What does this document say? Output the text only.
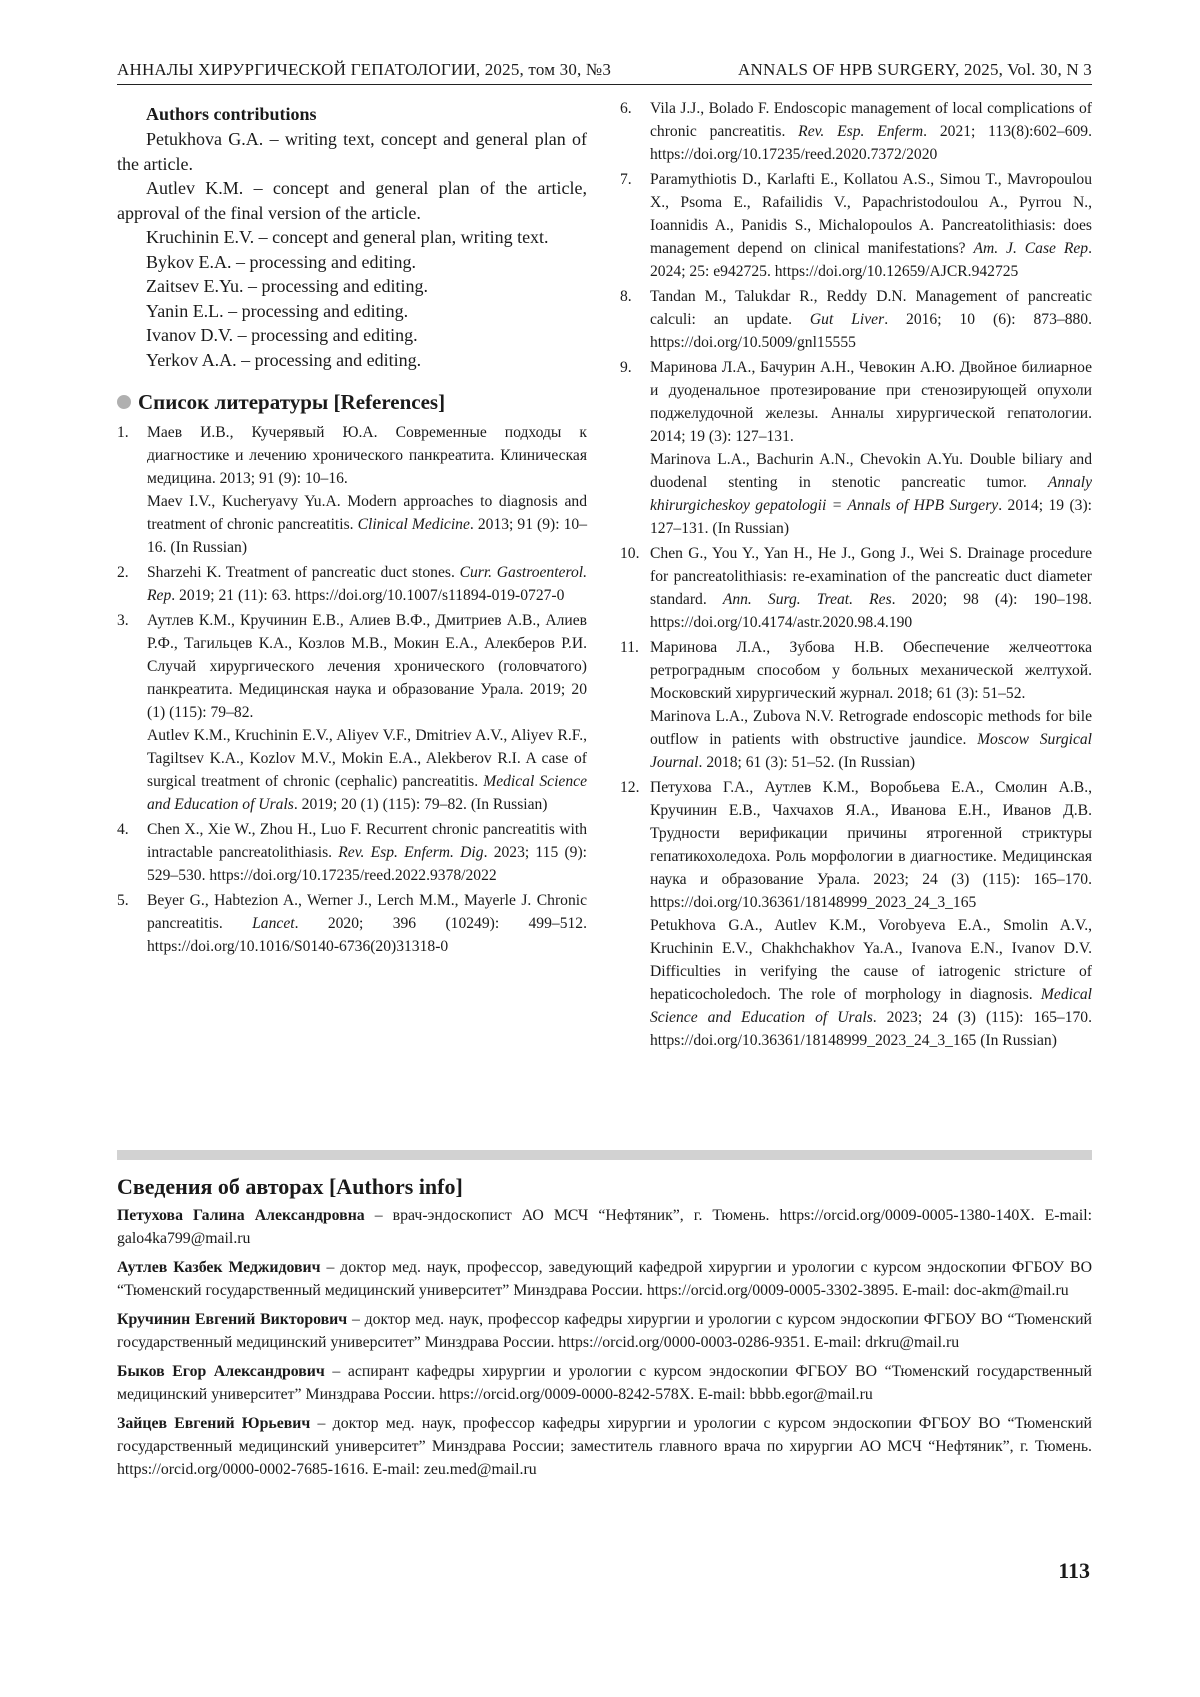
АННАЛЫ ХИРУРГИЧЕСКОЙ ГЕПАТОЛОГИИ, 2025, том 30, №3	ANNALS OF HPB SURGERY, 2025, Vol. 30, N 3
Authors contributions

Petukhova G.A. – writing text, concept and general plan of the article.

Autlev K.M. – concept and general plan of the article, approval of the final version of the article.

Kruchinin E.V. – concept and general plan, writing text.

Bykov E.A. – processing and editing.

Zaitsev E.Yu. – processing and editing.

Yanin E.L. – processing and editing.

Ivanov D.V. – processing and editing.

Yerkov A.A. – processing and editing.

Список литературы [References]
1. Маев И.В., Кучерявый Ю.А. Современные подходы к диагностике и лечению хронического панкреатита. Клиническая медицина. 2013; 91 (9): 10–16.

Maev I.V., Kucheryavy Yu.A. Modern approaches to diagnosis and treatment of chronic pancreatitis. Clinical Medicine. 2013; 91 (9): 10–16. (In Russian)

2. Sharzehi K. Treatment of pancreatic duct stones. Curr. Gastroenterol. Rep. 2019; 21 (11): 63. https://doi.org/10.1007/s11894-019-0727-0

3. Аутлев К.М., Кручинин Е.В., Алиев В.Ф., Дмитриев А.В., Алиев Р.Ф., Тагильцев К.А., Козлов М.В., Мокин Е.А., Алекберов Р.И. Случай хирургического лечения хронического (головчатого) панкреатита. Медицинская наука и образование Урала. 2019; 20 (1) (115): 79–82.

Autlev K.M., Kruchinin E.V., Aliyev V.F., Dmitriev A.V., Aliyev R.F., Tagiltsev K.A., Kozlov M.V., Mokin E.A., Alekberov R.I. A case of surgical treatment of chronic (cephalic) pancreatitis. Medical Science and Education of Urals. 2019; 20 (1) (115): 79–82. (In Russian)

4. Chen X., Xie W., Zhou H., Luo F. Recurrent chronic pancreatitis with intractable pancreatolithiasis. Rev. Esp. Enferm. Dig. 2023; 115 (9): 529–530. https://doi.org/10.17235/reed.2022.9378/2022

5. Beyer G., Habtezion A., Werner J., Lerch M.M., Mayerle J. Chronic pancreatitis. Lancet. 2020; 396 (10249): 499–512. https://doi.org/10.1016/S0140-6736(20)31318-0

6. Vila J.J., Bolado F. Endoscopic management of local complications of chronic pancreatitis. Rev. Esp. Enferm. 2021; 113(8):602–609. https://doi.org/10.17235/reed.2020.7372/2020

7. Paramythiotis D., Karlafti E., Kollatou A.S., Simou T., Mavropoulou X., Psoma E., Rafailidis V., Papachristodoulou A., Pyrrou N., Ioannidis A., Panidis S., Michalopoulos A. Pancreatolithiasis: does management depend on clinical manifestations? Am. J. Case Rep. 2024; 25: e942725. https://doi.org/10.12659/AJCR.942725

8. Tandan M., Talukdar R., Reddy D.N. Management of pancreatic calculi: an update. Gut Liver. 2016; 10 (6): 873–880. https://doi.org/10.5009/gnl15555

9. Маринова Л.А., Бачурин А.Н., Чевокин А.Ю. Двойное билиарное и дуоденальное протезирование при стенозирующей опухоли поджелудочной железы. Анналы хирургической гепатологии. 2014; 19 (3): 127–131.

Marinova L.A., Bachurin A.N., Chevokin A.Yu. Double biliary and duodenal stenting in stenotic pancreatic tumor. Annaly khirurgicheskoy gepatologii = Annals of HPB Surgery. 2014; 19 (3): 127–131. (In Russian)

10. Chen G., You Y., Yan H., He J., Gong J., Wei S. Drainage procedure for pancreatolithiasis: re-examination of the pancreatic duct diameter standard. Ann. Surg. Treat. Res. 2020; 98 (4): 190–198. https://doi.org/10.4174/astr.2020.98.4.190

11. Маринова Л.А., Зубова Н.В. Обеспечение желчеоттока ретроградным способом у больных механической желтухой. Московский хирургический журнал. 2018; 61 (3): 51–52.

Marinova L.A., Zubova N.V. Retrograde endoscopic methods for bile outflow in patients with obstructive jaundice. Moscow Surgical Journal. 2018; 61 (3): 51–52. (In Russian)

12. Петухова Г.А., Аутлев К.М., Воробьева Е.А., Смолин А.В., Кручинин Е.В., Чахчахов Я.А., Иванова Е.Н., Иванов Д.В. Трудности верификации причины ятрогенной стриктуры гепатикохоледоха. Роль морфологии в диагностике. Медицинская наука и образование Урала. 2023; 24 (3) (115): 165–170. https://doi.org/10.36361/18148999_2023_24_3_165

Petukhova G.A., Autlev K.M., Vorobyeva E.A., Smolin A.V., Kruchinin E.V., Chakhchakhov Ya.A., Ivanova E.N., Ivanov D.V. Difficulties in verifying the cause of iatrogenic stricture of hepaticocholedoch. The role of morphology in diagnosis. Medical Science and Education of Urals. 2023; 24 (3) (115): 165–170. https://doi.org/10.36361/18148999_2023_24_3_165 (In Russian)

Сведения об авторах [Authors info]

Петухова Галина Александровна – врач-эндоскопист АО МСЧ “Нефтяник”, г. Тюмень. https://orcid.org/0009-0005-1380-140X. E-mail: galo4ka799@mail.ru

Аутлев Казбек Меджидович – доктор мед. наук, профессор, заведующий кафедрой хирургии и урологии с курсом эндоскопии ФГБОУ ВО “Тюменский государственный медицинский университет” Минздрава России. https://orcid.org/0009-0005-3302-3895. E-mail: doc-akm@mail.ru

Кручинин Евгений Викторович – доктор мед. наук, профессор кафедры хирургии и урологии с курсом эндоскопии ФГБОУ ВО “Тюменский государственный медицинский университет” Минздрава России. https://orcid.org/0000-0003-0286-9351. E-mail: drkru@mail.ru

Быков Егор Александрович – аспирант кафедры хирургии и урологии с курсом эндоскопии ФГБОУ ВО “Тюменский государственный медицинский университет” Минздрава России. https://orcid.org/0009-0000-8242-578X. E-mail: bbbb.egor@mail.ru

Зайцев Евгений Юрьевич – доктор мед. наук, профессор кафедры хирургии и урологии с курсом эндоскопии ФГБОУ ВО “Тюменский государственный медицинский университет” Минздрава России; заместитель главного врача по хирургии АО МСЧ “Нефтяник”, г. Тюмень. https://orcid.org/0000-0002-7685-1616. E-mail: zeu.med@mail.ru

113
